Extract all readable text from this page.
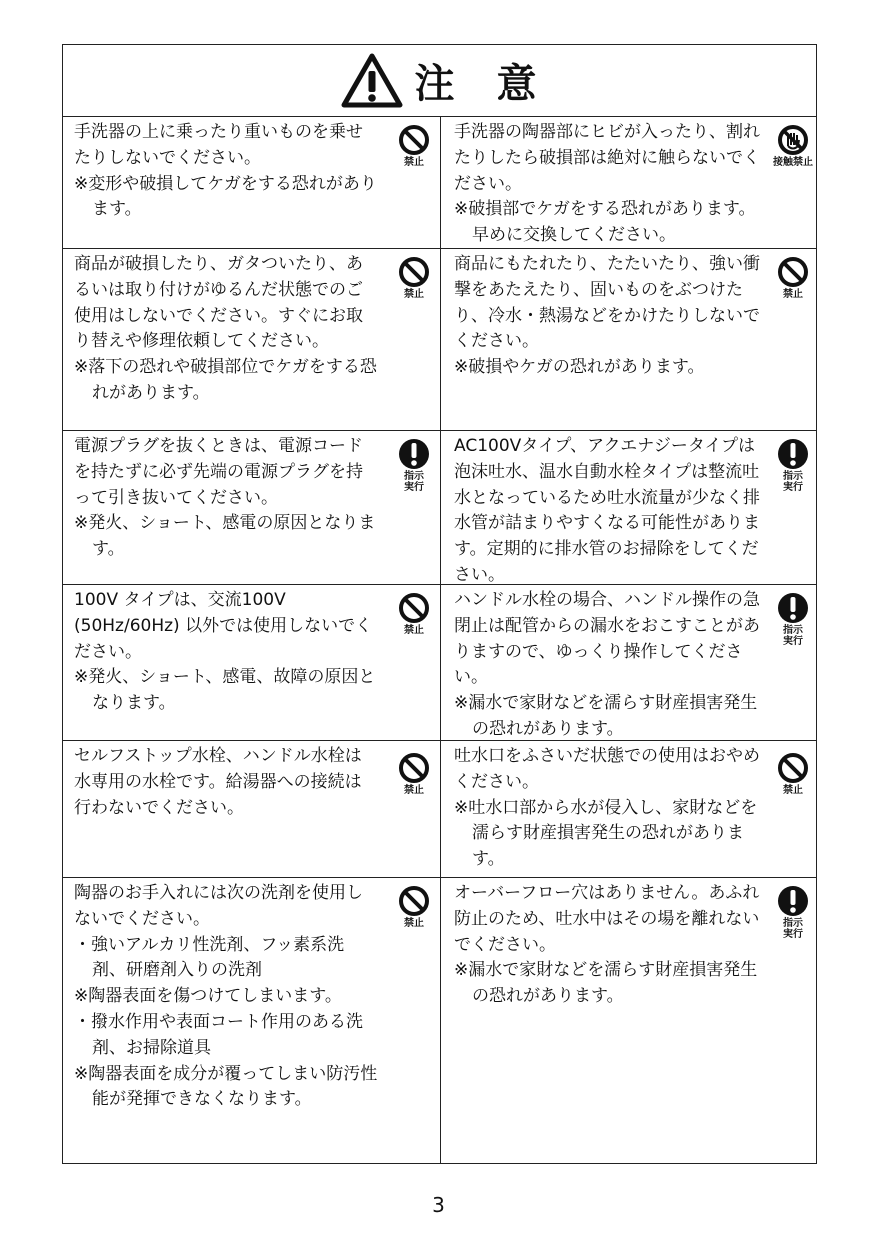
注 意

手洗器の上に乗ったり重いものを乗せたりしないでください。

※変形や破損してケガをする恐れがあります。

禁止

手洗器の陶器部にヒビが入ったり、割れたりしたら破損部は絶対に触らないでください。

※破損部でケガをする恐れがあります。早めに交換してください。

接触禁止

商品が破損したり、ガタついたり、あるいは取り付けがゆるんだ状態でのご使用はしないでください。すぐにお取り替えや修理依頼してください。

※落下の恐れや破損部位でケガをする恐れがあります。

禁止

商品にもたれたり、たたいたり、強い衝撃をあたえたり、固いものをぶつけたり、冷水・熱湯などをかけたりしないでください。

※破損やケガの恐れがあります。

禁止

電源プラグを抜くときは、電源コードを持たずに必ず先端の電源プラグを持って引き抜いてください。

※発火、ショート、感電の原因となります。

指示実行

AC100Vタイプ、アクエナジータイプは泡沫吐水、温水自動水栓タイプは整流吐水となっているため吐水流量が少なく排水管が詰まりやすくなる可能性があります。定期的に排水管のお掃除をしてください。

指示実行

100V タイプは、交流100V (50Hz/60Hz) 以外では使用しないでください。

※発火、ショート、感電、故障の原因となります。

禁止

ハンドル水栓の場合、ハンドル操作の急閉止は配管からの漏水をおこすことがありますので、ゆっくり操作してください。

※漏水で家財などを濡らす財産損害発生の恐れがあります。

指示実行

セルフストップ水栓、ハンドル水栓は水専用の水栓です。給湯器への接続は行わないでください。

禁止

吐水口をふさいだ状態での使用はおやめください。

※吐水口部から水が侵入し、家財などを濡らす財産損害発生の恐れがあります。

禁止

陶器のお手入れには次の洗剤を使用しないでください。

・強いアルカリ性洗剤、フッ素系洗剤、研磨剤入りの洗剤

※陶器表面を傷つけてしまいます。

・撥水作用や表面コート作用のある洗剤、お掃除道具

※陶器表面を成分が覆ってしまい防汚性能が発揮できなくなります。

禁止

オーバーフロー穴はありません。あふれ防止のため、吐水中はその場を離れないでください。

※漏水で家財などを濡らす財産損害発生の恐れがあります。

指示実行
3
